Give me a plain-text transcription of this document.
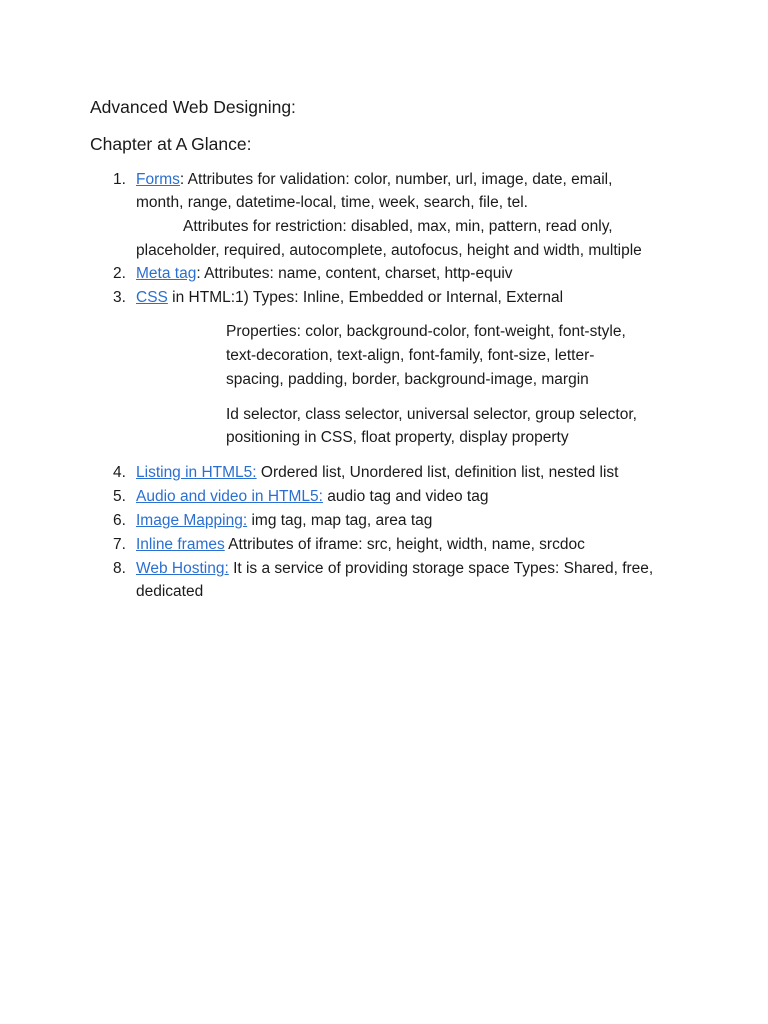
Advanced Web Designing:
Chapter at A Glance:
1. Forms: Attributes for validation: color, number, url, image, date, email,
month, range, datetime-local, time, week, search, file, tel.
Attributes for restriction: disabled, max, min, pattern, read only,
placeholder, required, autocomplete, autofocus, height and width, multiple
2. Meta tag: Attributes: name, content, charset, http-equiv
3. CSS in HTML:1) Types: Inline, Embedded or Internal, External
Properties: color, background-color, font-weight, font-style,
text-decoration, text-align, font-family, font-size, letter-
spacing, padding, border, background-image, margin
Id selector, class selector, universal selector, group selector,
positioning in CSS, float property, display property
4. Listing in HTML5: Ordered list, Unordered list, definition list, nested list
5. Audio and video in HTML5: audio tag and video tag
6. Image Mapping: img tag, map tag, area tag
7. Inline frames Attributes of iframe: src, height, width, name, srcdoc
8. Web Hosting: It is a service of providing storage space Types: Shared, free,
dedicated
